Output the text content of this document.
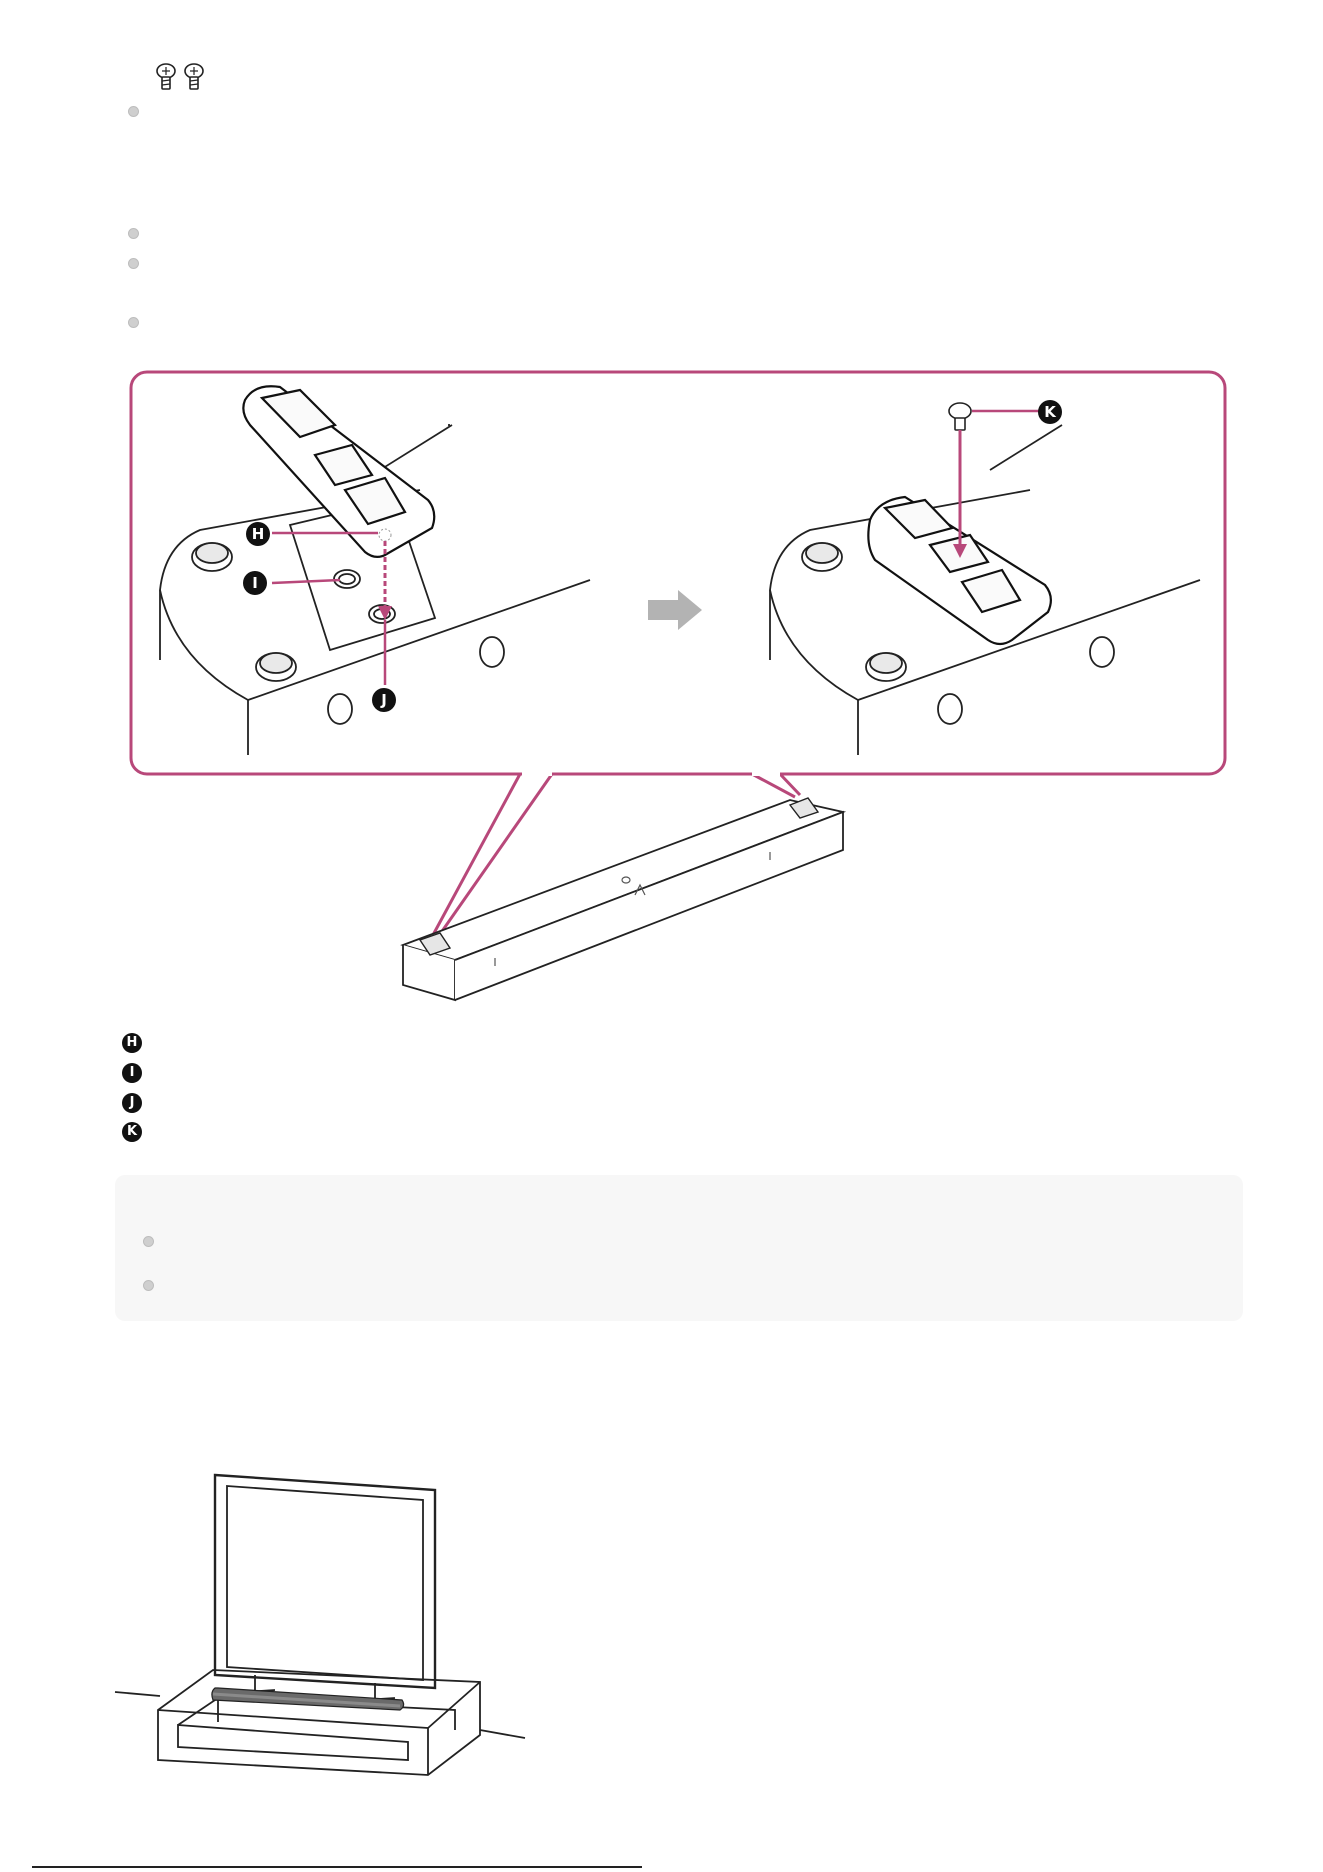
H
I
J
K
H
I
J
K
